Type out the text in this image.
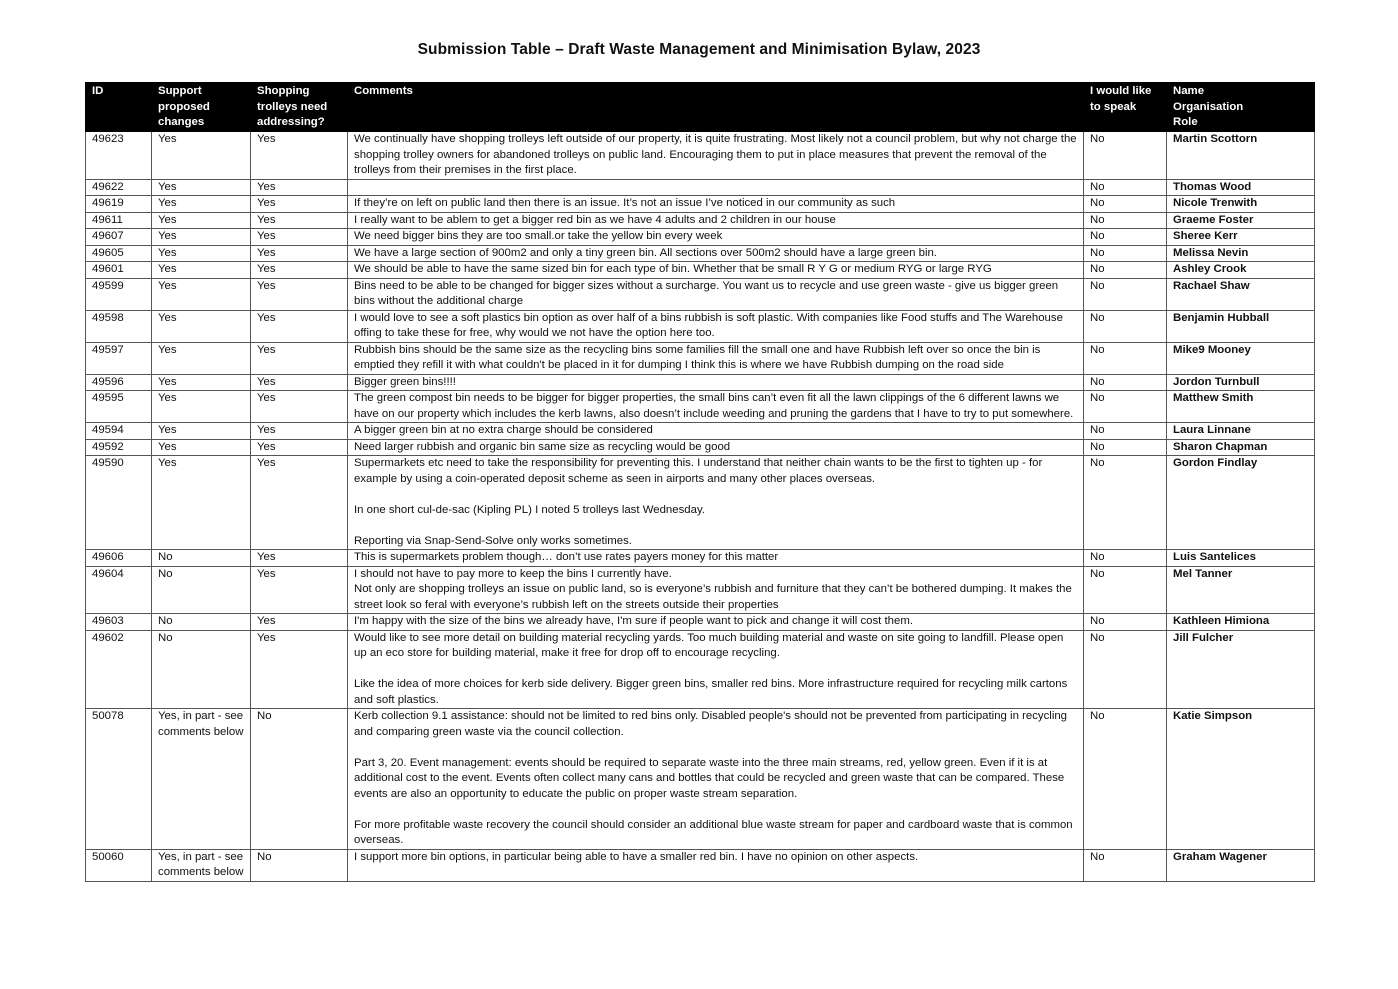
Submission Table – Draft Waste Management and Minimisation Bylaw, 2023
ID	Support
proposed
changes	Shopping
trolleys need
addressing?	Comments	I would like
to speak	Name
Organisation
Role
49623	Yes	Yes	We continually have shopping trolleys left outside of our property, it is quite frustrating. Most likely not a council problem, but why not charge the shopping trolley owners for abandoned trolleys on public land. Encouraging them to put in place measures that prevent the removal of the trolleys from their premises in the first place.	No	Martin Scottorn
49622	Yes	Yes		No	Thomas Wood
49619	Yes	Yes	If they’re on left on public land then there is an issue. It’s not an issue I’ve noticed in our community as such	No	Nicole Trenwith
49611	Yes	Yes	I really want to be ablem to get a bigger red bin as we have 4 adults and 2 children in our house	No	Graeme Foster
49607	Yes	Yes	We need bigger bins they are too small.or take the yellow bin every week	No	Sheree Kerr
49605	Yes	Yes	We have a large section of 900m2 and only a tiny green bin. All sections over 500m2 should have a large green bin.	No	Melissa Nevin
49601	Yes	Yes	We should be able to have the same sized bin for each type of bin. Whether that be small R Y G or medium RYG or large RYG	No	Ashley Crook
49599	Yes	Yes	Bins need to be able to be changed for bigger sizes without a surcharge. You want us to recycle and use green waste - give us bigger green bins without the additional charge	No	Rachael Shaw
49598	Yes	Yes	I would love to see a soft plastics bin option as over half of a bins rubbish is soft plastic. With companies like Food stuffs and The Warehouse offing to take these for free, why would we not have the option here too.	No	Benjamin Hubball
49597	Yes	Yes	Rubbish bins should be the same size as the recycling bins some families fill the small one and have Rubbish left over so once the bin is emptied they refill it with what couldn't be placed in it for dumping I think this is where we have Rubbish dumping on the road side	No	Mike9 Mooney
49596	Yes	Yes	Bigger green bins!!!!	No	Jordon Turnbull
49595	Yes	Yes	The green compost bin needs to be bigger for bigger properties, the small bins can’t even fit all the lawn clippings of the 6 different lawns we have on our property which includes the kerb lawns, also doesn’t include weeding and pruning the gardens that I have to try to put somewhere.	No	Matthew Smith
49594	Yes	Yes	A bigger green bin at no extra charge should be considered	No	Laura Linnane
49592	Yes	Yes	Need larger rubbish and organic bin same size as recycling would be good	No	Sharon Chapman
49590	Yes	Yes	Supermarkets etc need to take the responsibility for preventing this. I understand that neither chain wants to be the first to tighten up - for example by using a coin-operated deposit scheme as seen in airports and many other places overseas.

In one short cul-de-sac (Kipling PL) I noted 5 trolleys last Wednesday.

Reporting via Snap-Send-Solve only works sometimes.	No	Gordon Findlay
49606	No	Yes	This is supermarkets problem though… don’t use rates payers money for this matter	No	Luis Santelices
49604	No	Yes	I should not have to pay more to keep the bins I currently have.
Not only are shopping trolleys an issue on public land, so is everyone’s rubbish and furniture that they can’t be bothered dumping. It makes the street look so feral with everyone’s rubbish left on the streets outside their properties	No	Mel Tanner
49603	No	Yes	I'm happy with the size of the bins we already have, I'm sure if people want to pick and change it will cost them.	No	Kathleen Himiona
49602	No	Yes	Would like to see more detail on building material recycling yards. Too much building material and waste on site going to landfill. Please open up an eco store for building material, make it free for drop off to encourage recycling.

Like the idea of more choices for kerb side delivery. Bigger green bins, smaller red bins. More infrastructure required for recycling milk cartons and soft plastics.	No	Jill Fulcher
50078	Yes, in part - see comments below	No	Kerb collection 9.1 assistance: should not be limited to red bins only. Disabled people's should not be prevented from participating in recycling and comparing green waste via the council collection.

Part 3, 20. Event management: events should be required to separate waste into the three main streams, red, yellow green. Even if it is at additional cost to the event. Events often collect many cans and bottles that could be recycled and green waste that can be compared. These events are also an opportunity to educate the public on proper waste stream separation.

For more profitable waste recovery the council should consider an additional blue waste stream for paper and cardboard waste that is common overseas.	No	Katie Simpson
50060	Yes, in part - see comments below	No	I support more bin options, in particular being able to have a smaller red bin. I have no opinion on other aspects.	No	Graham Wagener
